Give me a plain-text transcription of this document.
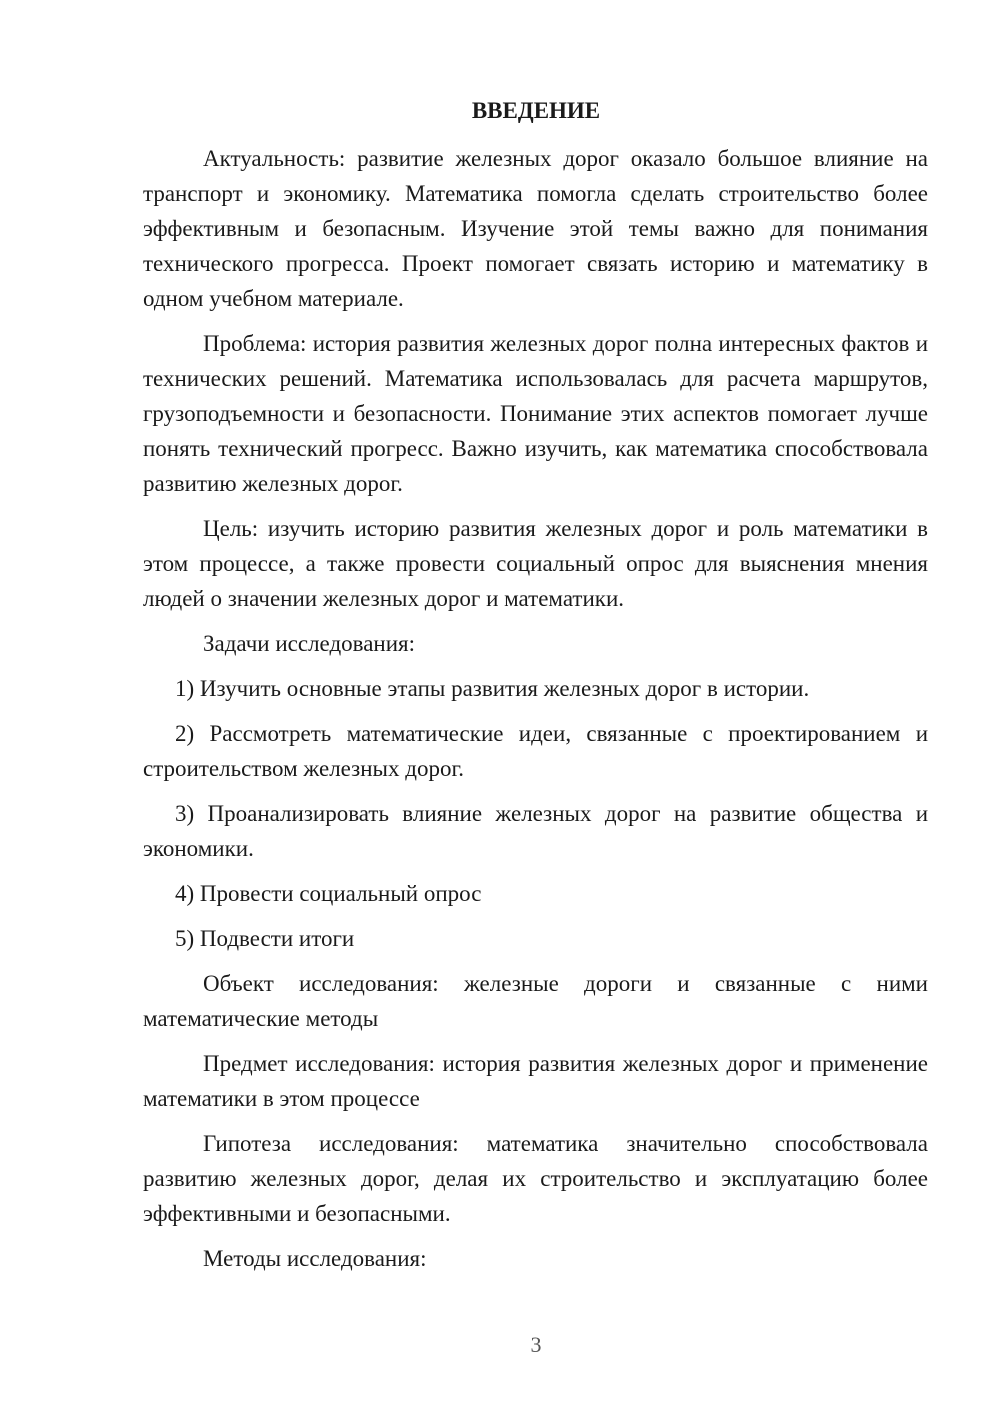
ВВЕДЕНИЕ

Актуальность: развитие железных дорог оказало большое влияние на транспорт и экономику. Математика помогла сделать строительство более эффективным и безопасным. Изучение этой темы важно для понимания технического прогресса. Проект помогает связать историю и математику в одном учебном материале.

Проблема: история развития железных дорог полна интересных фактов и технических решений. Математика использовалась для расчета маршрутов, грузоподъемности и безопасности. Понимание этих аспектов помогает лучше понять технический прогресс. Важно изучить, как математика способствовала развитию железных дорог.

Цель: изучить историю развития железных дорог и роль математики в этом процессе, а также провести социальный опрос для выяснения мнения людей о значении железных дорог и математики.

Задачи исследования:

1) Изучить основные этапы развития железных дорог в истории.

2) Рассмотреть математические идеи, связанные с проектированием и строительством железных дорог.

3) Проанализировать влияние железных дорог на развитие общества и экономики.

4) Провести социальный опрос

5) Подвести итоги

Объект исследования: железные дороги и связанные с ними математические методы

Предмет исследования: история развития железных дорог и применение математики в этом процессе

Гипотеза исследования: математика значительно способствовала развитию железных дорог, делая их строительство и эксплуатацию более эффективными и безопасными.

Методы исследования:

3
